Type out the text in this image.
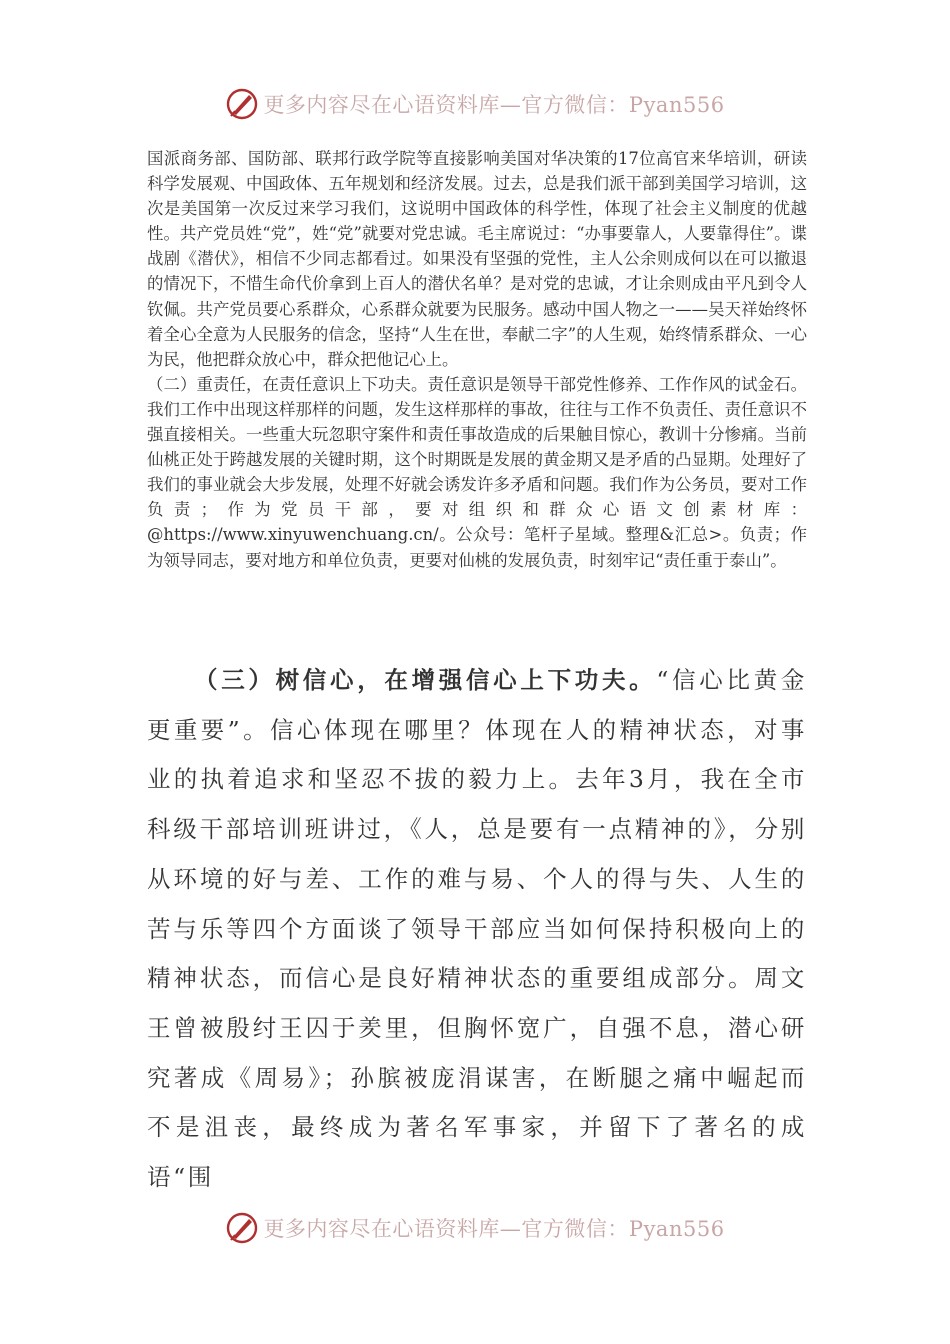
更多内容尽在心语资料库—官方微信：Pyan556

国派商务部、国防部、联邦行政学院等直接影响美国对华决策的17位高官来华培训，研读科学发展观、中国政体、五年规划和经济发展。过去，总是我们派干部到美国学习培训，这次是美国第一次反过来学习我们，这说明中国政体的科学性，体现了社会主义制度的优越性。共产党员姓“党”，姓“党”就要对党忠诚。毛主席说过：“办事要靠人，人要靠得住”。谍战剧《潜伏》，相信不少同志都看过。如果没有坚强的党性，主人公余则成何以在可以撤退的情况下，不惜生命代价拿到上百人的潜伏名单？是对党的忠诚，才让余则成由平凡到令人钦佩。共产党员要心系群众，心系群众就要为民服务。感动中国人物之一——吴天祥始终怀着全心全意为人民服务的信念，坚持“人生在世，奉献二字”的人生观，始终情系群众、一心为民，他把群众放心中，群众把他记心上。

（二）重责任，在责任意识上下功夫。责任意识是领导干部党性修养、工作作风的试金石。我们工作中出现这样那样的问题，发生这样那样的事故，往往与工作不负责任、责任意识不强直接相关。一些重大玩忽职守案件和责任事故造成的后果触目惊心，教训十分惨痛。当前仙桃正处于跨越发展的关键时期，这个时期既是发展的黄金期又是矛盾的凸显期。处理好了我们的事业就会大步发展，处理不好就会诱发许多矛盾和问题。我们作为公务员，要对工作负责；作为党员干部，要对组织和群众心语文创素材库：@https://www.xinyuwenchuang.cn/。公众号：笔杆子星域。整理&汇总>。负责；作为领导同志，要对地方和单位负责，更要对仙桃的发展负责，时刻牢记“责任重于泰山”。

（三）树信心，在增强信心上下功夫。“信心比黄金更重要”。信心体现在哪里？体现在人的精神状态，对事业的执着追求和坚忍不拔的毅力上。去年3月，我在全市科级干部培训班讲过，《人，总是要有一点精神的》，分别从环境的好与差、工作的难与易、个人的得与失、人生的苦与乐等四个方面谈了领导干部应当如何保持积极向上的精神状态，而信心是良好精神状态的重要组成部分。周文王曾被殷纣王囚于羑里，但胸怀宽广，自强不息，潜心研究著成《周易》；孙膑被庞涓谋害，在断腿之痛中崛起而不是沮丧，最终成为著名军事家，并留下了著名的成语“围

更多内容尽在心语资料库—官方微信：Pyan556
